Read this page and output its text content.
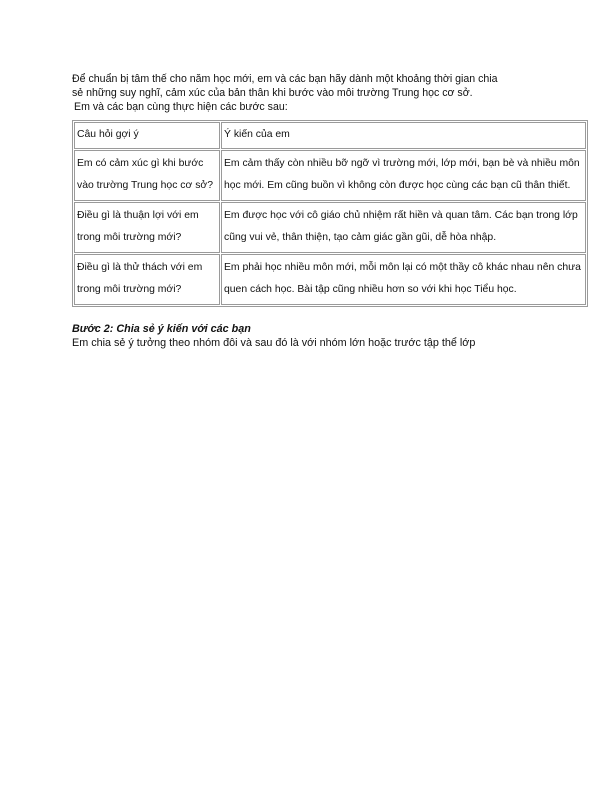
Để chuẩn bị tâm thế cho năm học mới, em và các bạn hãy dành một khoảng thời gian chia

sẻ những suy nghĩ, cảm xúc của bản thân khi bước vào môi trường Trung học cơ sở.

Em và các bạn cùng thực hiện các bước sau:

Câu hỏi gợi ý	Ý kiến của em
Em có cảm xúc gì khi bước vào trường Trung học cơ sở?	Em cảm thấy còn nhiều bỡ ngỡ vì trường mới, lớp mới, bạn bè và nhiều môn học mới. Em cũng buồn vì không còn được học cùng các bạn cũ thân thiết.
Điều gì là thuận lợi với em trong môi trường mới?	Em được học với cô giáo chủ nhiệm rất hiền và quan tâm. Các bạn trong lớp cũng vui vẻ, thân thiện, tạo cảm giác gần gũi, dễ hòa nhập.
Điều gì là thử thách với em trong môi trường mới?	Em phải học nhiều môn mới, mỗi môn lại có một thầy cô khác nhau nên chưa quen cách học. Bài tập cũng nhiều hơn so với khi học Tiểu học.

Bước 2: Chia sẻ ý kiến với các bạn

Em chia sẻ ý tưởng theo nhóm đôi và sau đó là với nhóm lớn hoặc trước tập thể lớp
